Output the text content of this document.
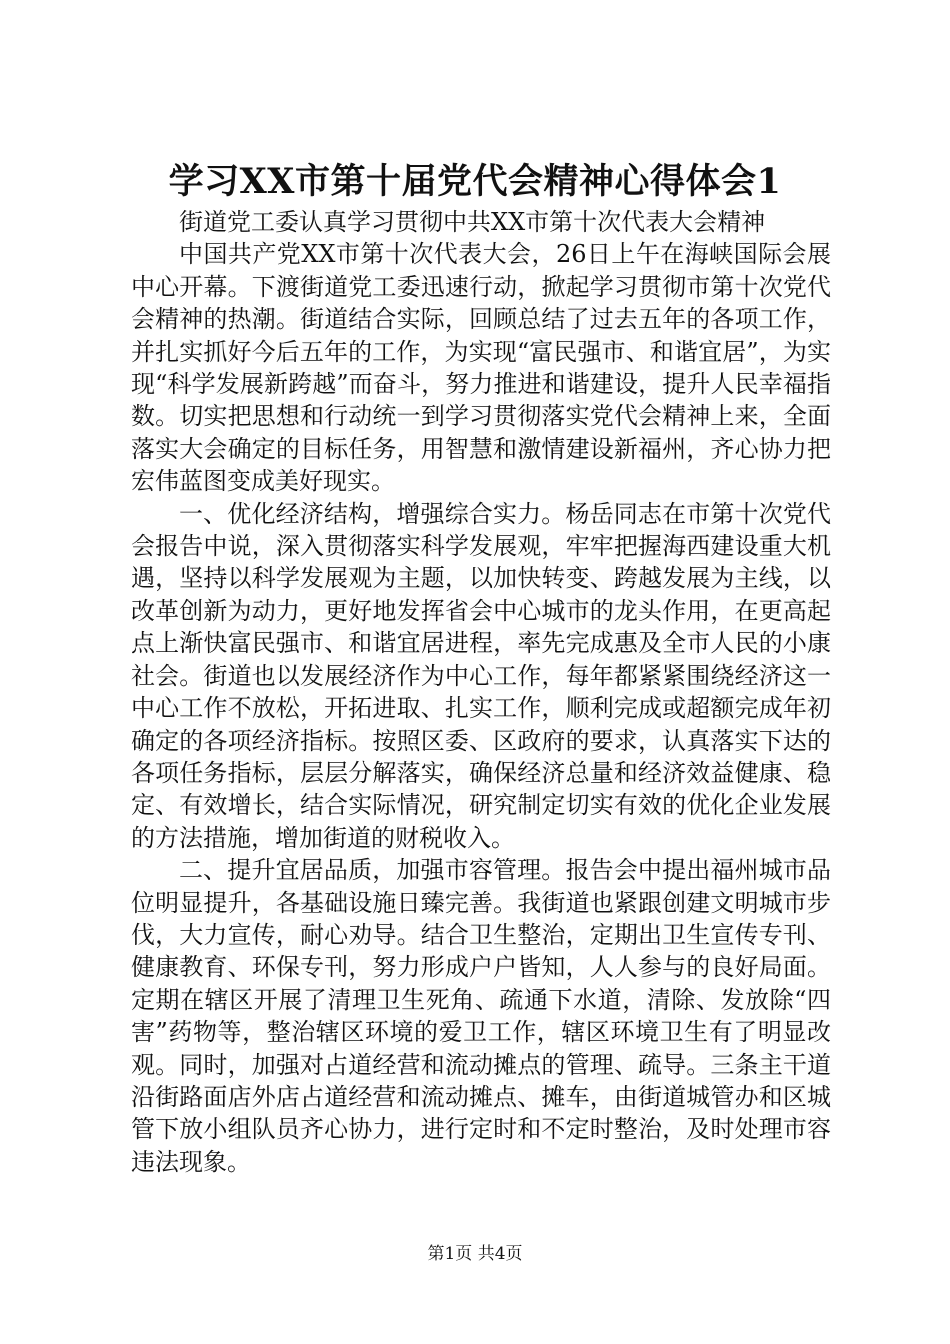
学习XX市第十届党代会精神心得体会1

街道党工委认真学习贯彻中共XX市第十次代表大会精神

中国共产党XX市第十次代表大会，26日上午在海峡国际会展中心开幕。下渡街道党工委迅速行动，掀起学习贯彻市第十次党代会精神的热潮。街道结合实际，回顾总结了过去五年的各项工作，并扎实抓好今后五年的工作，为实现“富民强市、和谐宜居”，为实现“科学发展新跨越”而奋斗，努力推进和谐建设，提升人民幸福指数。切实把思想和行动统一到学习贯彻落实党代会精神上来，全面落实大会确定的目标任务，用智慧和激情建设新福州，齐心协力把宏伟蓝图变成美好现实。

一、优化经济结构，增强综合实力。杨岳同志在市第十次党代会报告中说，深入贯彻落实科学发展观，牢牢把握海西建设重大机遇，坚持以科学发展观为主题，以加快转变、跨越发展为主线，以改革创新为动力，更好地发挥省会中心城市的龙头作用，在更高起点上渐快富民强市、和谐宜居进程，率先完成惠及全市人民的小康社会。街道也以发展经济作为中心工作，每年都紧紧围绕经济这一中心工作不放松，开拓进取、扎实工作，顺利完成或超额完成年初确定的各项经济指标。按照区委、区政府的要求，认真落实下达的各项任务指标，层层分解落实，确保经济总量和经济效益健康、稳定、有效增长，结合实际情况，研究制定切实有效的优化企业发展的方法措施，增加街道的财税收入。

二、提升宜居品质，加强市容管理。报告会中提出福州城市品位明显提升，各基础设施日臻完善。我街道也紧跟创建文明城市步伐，大力宣传，耐心劝导。结合卫生整治，定期出卫生宣传专刊、健康教育、环保专刊，努力形成户户皆知，人人参与的良好局面。定期在辖区开展了清理卫生死角、疏通下水道，清除、发放除“四害”药物等，整治辖区环境的爱卫工作，辖区环境卫生有了明显改观。同时，加强对占道经营和流动摊点的管理、疏导。三条主干道沿街路面店外店占道经营和流动摊点、摊车，由街道城管办和区城管下放小组队员齐心协力，进行定时和不定时整治，及时处理市容违法现象。

第1页 共4页
